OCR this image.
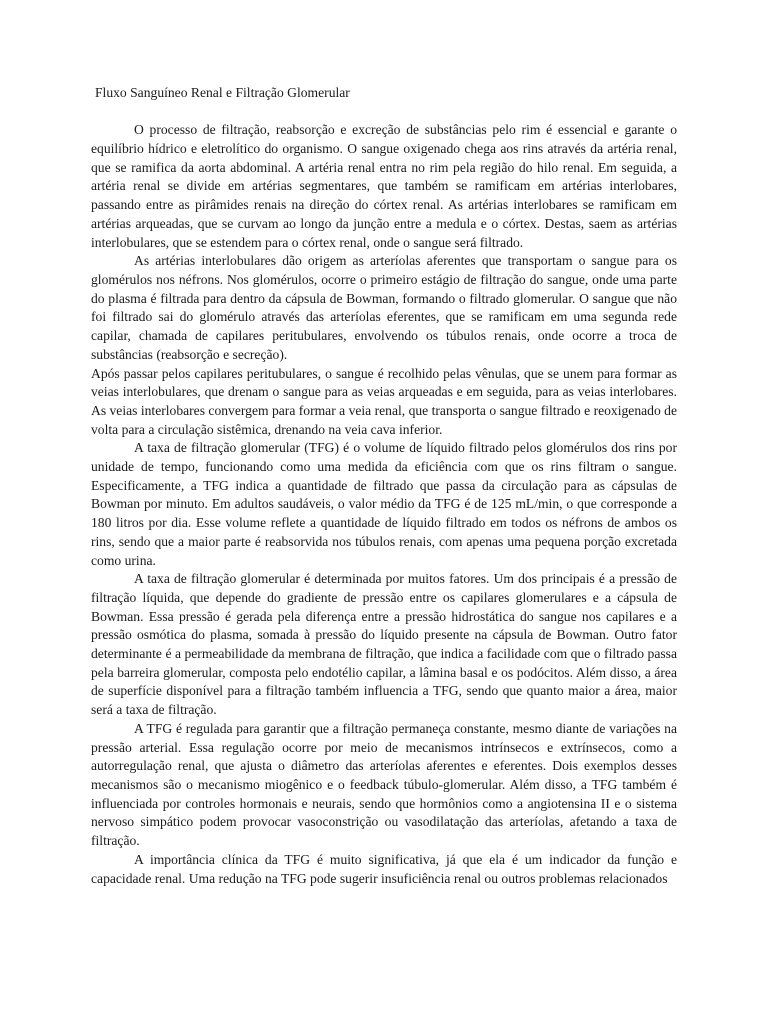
Fluxo Sanguíneo Renal e Filtração Glomerular

O processo de filtração, reabsorção e excreção de substâncias pelo rim é essencial e garante o equilíbrio hídrico e eletrolítico do organismo. O sangue oxigenado chega aos rins através da artéria renal, que se ramifica da aorta abdominal. A artéria renal entra no rim pela região do hilo renal. Em seguida, a artéria renal se divide em artérias segmentares, que também se ramificam em artérias interlobares, passando entre as pirâmides renais na direção do córtex renal. As artérias interlobares se ramificam em artérias arqueadas, que se curvam ao longo da junção entre a medula e o córtex. Destas, saem as artérias interlobulares, que se estendem para o córtex renal, onde o sangue será filtrado.

As artérias interlobulares dão origem as arteríolas aferentes que transportam o sangue para os glomérulos nos néfrons. Nos glomérulos, ocorre o primeiro estágio de filtração do sangue, onde uma parte do plasma é filtrada para dentro da cápsula de Bowman, formando o filtrado glomerular. O sangue que não foi filtrado sai do glomérulo através das arteríolas eferentes, que se ramificam em uma segunda rede capilar, chamada de capilares peritubulares, envolvendo os túbulos renais, onde ocorre a troca de substâncias (reabsorção e secreção).

Após passar pelos capilares peritubulares, o sangue é recolhido pelas vênulas, que se unem para formar as veias interlobulares, que drenam o sangue para as veias arqueadas e em seguida, para as veias interlobares. As veias interlobares convergem para formar a veia renal, que transporta o sangue filtrado e reoxigenado de volta para a circulação sistêmica, drenando na veia cava inferior.

A taxa de filtração glomerular (TFG) é o volume de líquido filtrado pelos glomérulos dos rins por unidade de tempo, funcionando como uma medida da eficiência com que os rins filtram o sangue. Especificamente, a TFG indica a quantidade de filtrado que passa da circulação para as cápsulas de Bowman por minuto. Em adultos saudáveis, o valor médio da TFG é de 125 mL/min, o que corresponde a 180 litros por dia. Esse volume reflete a quantidade de líquido filtrado em todos os néfrons de ambos os rins, sendo que a maior parte é reabsorvida nos túbulos renais, com apenas uma pequena porção excretada como urina.

A taxa de filtração glomerular é determinada por muitos fatores. Um dos principais é a pressão de filtração líquida, que depende do gradiente de pressão entre os capilares glomerulares e a cápsula de Bowman. Essa pressão é gerada pela diferença entre a pressão hidrostática do sangue nos capilares e a pressão osmótica do plasma, somada à pressão do líquido presente na cápsula de Bowman. Outro fator determinante é a permeabilidade da membrana de filtração, que indica a facilidade com que o filtrado passa pela barreira glomerular, composta pelo endotélio capilar, a lâmina basal e os podócitos. Além disso, a área de superfície disponível para a filtração também influencia a TFG, sendo que quanto maior a área, maior será a taxa de filtração.

A TFG é regulada para garantir que a filtração permaneça constante, mesmo diante de variações na pressão arterial. Essa regulação ocorre por meio de mecanismos intrínsecos e extrínsecos, como a autorregulação renal, que ajusta o diâmetro das arteríolas aferentes e eferentes. Dois exemplos desses mecanismos são o mecanismo miogênico e o feedback túbulo-glomerular. Além disso, a TFG também é influenciada por controles hormonais e neurais, sendo que hormônios como a angiotensina II e o sistema nervoso simpático podem provocar vasoconstrição ou vasodilatação das arteríolas, afetando a taxa de filtração.

A importância clínica da TFG é muito significativa, já que ela é um indicador da função e capacidade renal. Uma redução na TFG pode sugerir insuficiência renal ou outros problemas relacionados
